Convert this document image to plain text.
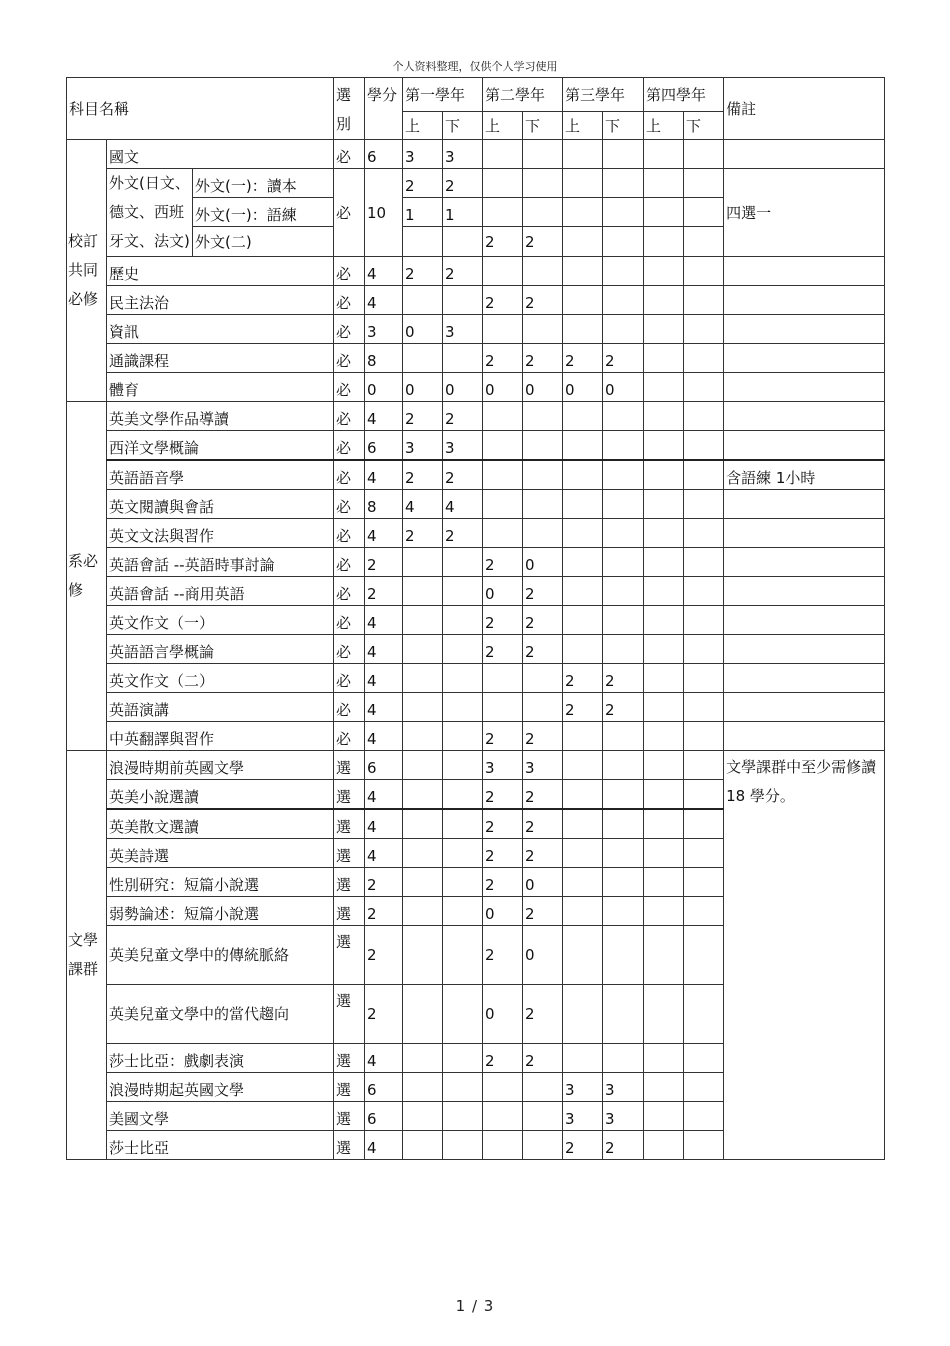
个人资料整理，仅供个人学习使用
科目名稱			選別	學分	第一學年		第二學年		第三學年		第四學年		備註
					上	下	上	下	上	下	上	下	
校訂共同必修	國文		必	6	3	3							
	外文(日文、德文、西班牙文、法文)	外文(一)：讀本	必	10	2	2							四選一
		外文(一)：語練			1	1							
		外文(二)					2	2					

	歷史		必	4	2	2							
	民主法治		必	4			2	2					
	資訊		必	3	0	3							
	通識課程		必	8			2	2	2	2			
	體育		必	0	0	0	0	0	0	0			
系必修	英美文學作品導讀		必	4	2	2							
	西洋文學概論		必	6	3	3							
	英語語音學		必	4	2	2							含語練 1小時
	英文閱讀與會話		必	8	4	4							
	英文文法與習作		必	4	2	2							
	英語會話 --英語時事討論		必	2			2	0					
	英語會話 --商用英語		必	2			0	2					
	英文作文（一）		必	4			2	2					
	英語語言學概論		必	4			2	2					
	英文作文（二）		必	4					2	2			
	英語演講		必	4					2	2			
	中英翻譯與習作		必	4			2	2					
文學課群	浪漫時期前英國文學		選	6			3	3					文學課群中至少需修讀 18 學分。
	英美小說選讀		選	4			2	2					
	英美散文選讀		選	4			2	2					
	英美詩選		選	4			2	2					
	性別研究：短篇小說選		選	2			2	0					
	弱勢論述：短篇小說選		選	2			0	2					
	英美兒童文學中的傳統脈絡		選	2			2	0					
	英美兒童文學中的當代趨向		選	2			0	2					
	莎士比亞：戲劇表演		選	4			2	2					
	浪漫時期起英國文學		選	6					3	3			
	美國文學		選	6					3	3			
	莎士比亞		選	4					2	2			
1 / 3
